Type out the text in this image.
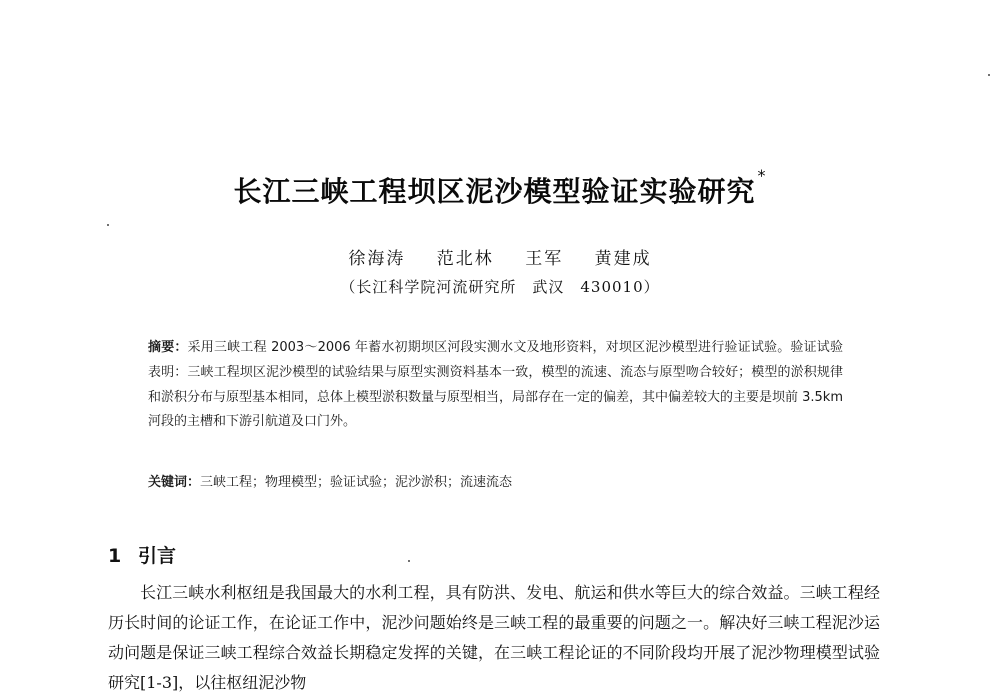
长江三峡工程坝区泥沙模型验证实验研究 *
徐海涛 范北林 王军 黄建成
（长江科学院河流研究所　武汉　430010）
摘要：采用三峡工程 2003～2006 年蓄水初期坝区河段实测水文及地形资料，对坝区泥沙模型进行验证试验。验证试验表明：三峡工程坝区泥沙模型的试验结果与原型实测资料基本一致，模型的流速、流态与原型吻合较好；模型的淤积规律和淤积分布与原型基本相同，总体上模型淤积数量与原型相当，局部存在一定的偏差，其中偏差较大的主要是坝前 3.5km 河段的主槽和下游引航道及口门外。
关键词：三峡工程；物理模型；验证试验；泥沙淤积；流速流态
1 引言
长江三峡水利枢纽是我国最大的水利工程，具有防洪、发电、航运和供水等巨大的综合效益。三峡工程经历长时间的论证工作，在论证工作中，泥沙问题始终是三峡工程的最重要的问题之一。解决好三峡工程泥沙运动问题是保证三峡工程综合效益长期稳定发挥的关键，在三峡工程论证的不同阶段均开展了泥沙物理模型试验研究[1-3]，以往枢纽泥沙物
